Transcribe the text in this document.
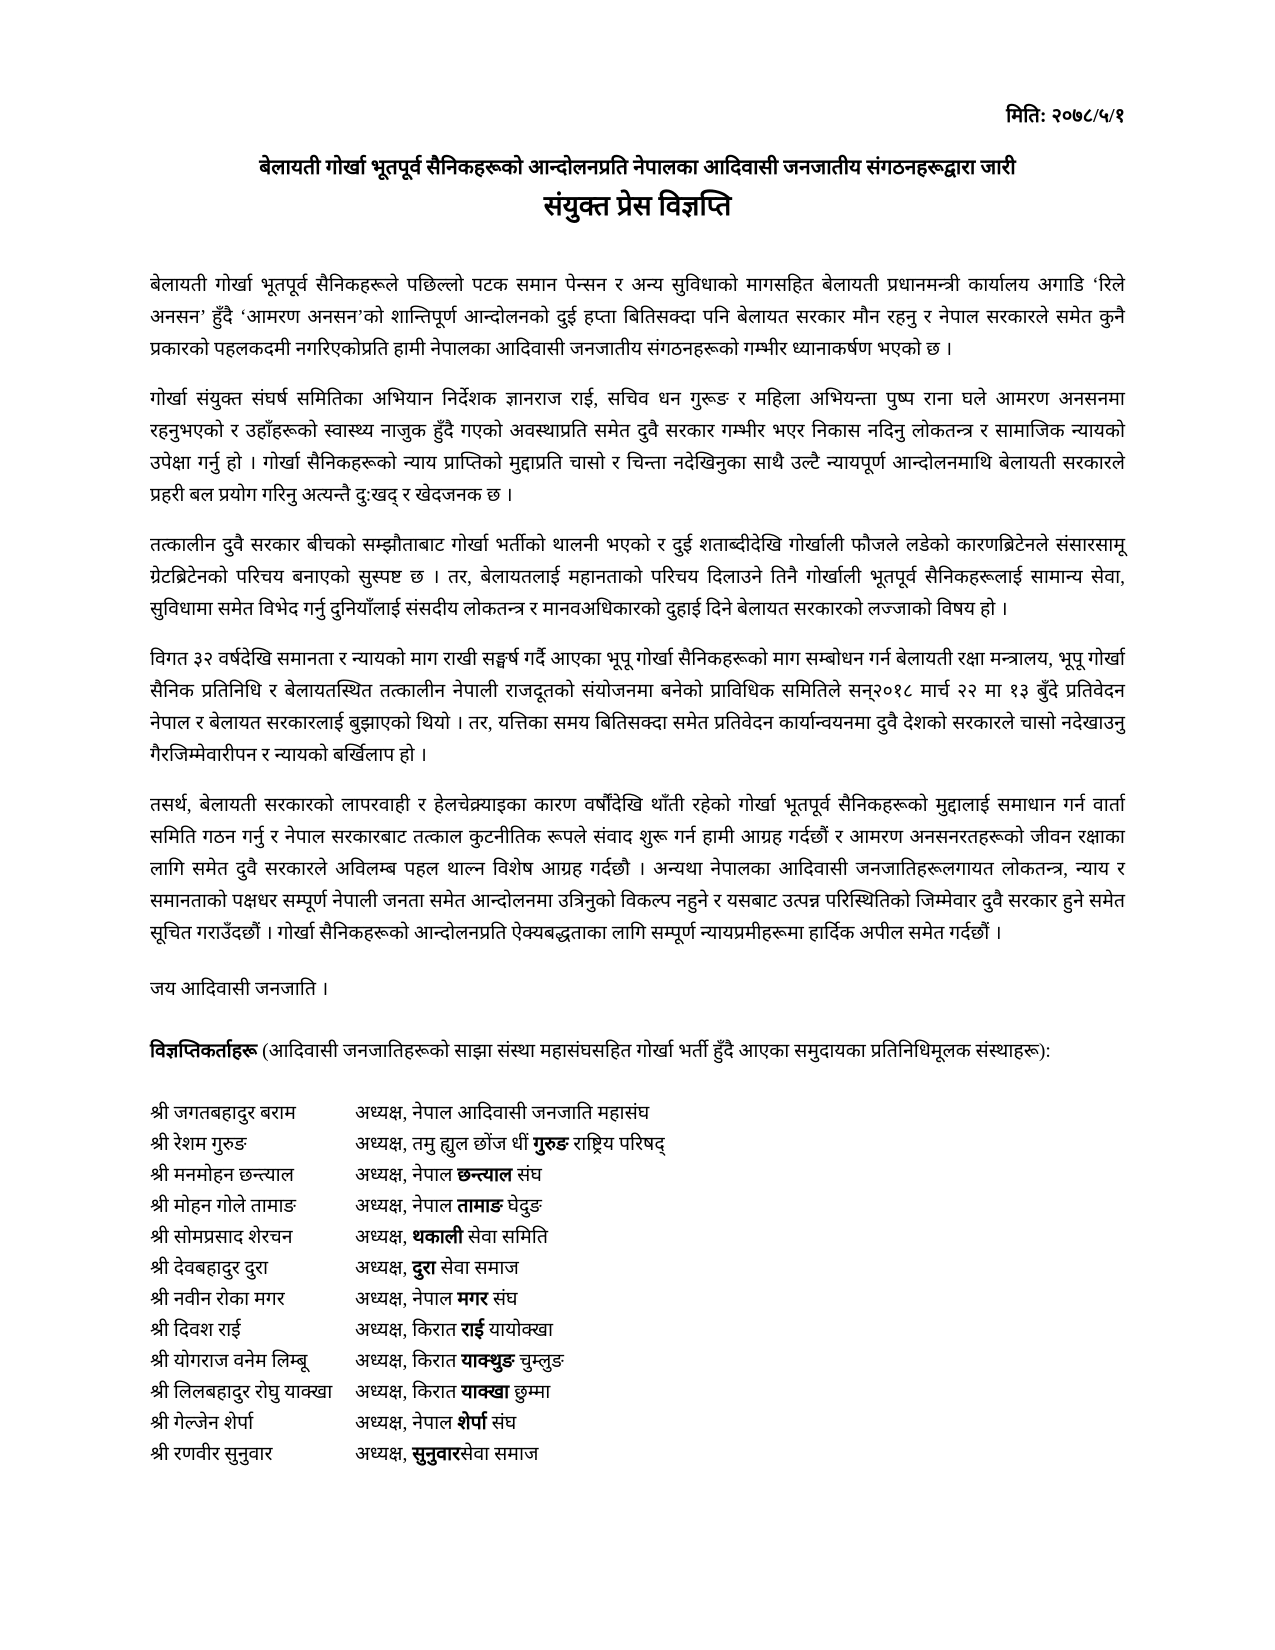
मिति: २०७८/५/१
बेलायती गोर्खा भूतपूर्व सैनिकहरूको आन्दोलनप्रति नेपालका आदिवासी जनजातीय संगठनहरूद्वारा जारी
संयुक्त प्रेस विज्ञप्ति

बेलायती गोर्खा भूतपूर्व सैनिकहरूले पछिल्लो पटक समान पेन्सन र अन्य सुविधाको मागसहित बेलायती प्रधानमन्त्री कार्यालय अगाडि ‘रिले अनसन’ हुँदै ‘आमरण अनसन’को शान्तिपूर्ण आन्दोलनको दुई हप्ता बितिसक्दा पनि बेलायत सरकार मौन रहनु र नेपाल सरकारले समेत कुनै प्रकारको पहलकदमी नगरिएकोप्रति हामी नेपालका आदिवासी जनजातीय संगठनहरूको गम्भीर ध्यानाकर्षण भएको छ ।

गोर्खा संयुक्त संघर्ष समितिका अभियान निर्देशक ज्ञानराज राई, सचिव धन गुरूङ र महिला अभियन्ता पुष्प राना घले आमरण अनसनमा रहनुभएको र उहाँहरूको स्वास्थ्य नाजुक हुँदै गएको अवस्थाप्रति समेत दुवै सरकार गम्भीर भएर निकास नदिनु लोकतन्त्र र सामाजिक न्यायको उपेक्षा गर्नु हो । गोर्खा सैनिकहरूको न्याय प्राप्तिको मुद्दाप्रति चासो र चिन्ता नदेखिनुका साथै उल्टै न्यायपूर्ण आन्दोलनमाथि बेलायती सरकारले प्रहरी बल प्रयोग गरिनु अत्यन्तै दु:खद् र खेदजनक छ ।

तत्कालीन दुवै सरकार बीचको सम्झौताबाट गोर्खा भर्तीको थालनी भएको र दुई शताब्दीदेखि गोर्खाली फौजले लडेको कारणब्रिटेनले संसारसामू ग्रेटब्रिटेनको परिचय बनाएको सुस्पष्ट छ । तर, बेलायतलाई महानताको परिचय दिलाउने तिनै गोर्खाली भूतपूर्व सैनिकहरूलाई सामान्य सेवा, सुविधामा समेत विभेद गर्नु दुनियाँलाई संसदीय लोकतन्त्र र मानवअधिकारको दुहाई दिने बेलायत सरकारको लज्जाको विषय हो ।

विगत ३२ वर्षदेखि समानता र न्यायको माग राखी सङ्घर्ष गर्दै आएका भूपू गोर्खा सैनिकहरूको माग सम्बोधन गर्न बेलायती रक्षा मन्त्रालय, भूपू गोर्खा सैनिक प्रतिनिधि र बेलायतस्थित तत्कालीन नेपाली राजदूतको संयोजनमा बनेको प्राविधिक समितिले सन्२०१८ मार्च २२ मा १३ बुँदे प्रतिवेदन नेपाल र बेलायत सरकारलाई बुझाएको थियो । तर, यत्तिका समय बितिसक्दा समेत प्रतिवेदन कार्यान्वयनमा दुवै देशको सरकारले चासो नदेखाउनु गैरजिम्मेवारीपन र न्यायको बर्खिलाप हो ।

तसर्थ, बेलायती सरकारको लापरवाही र हेलचेक्र्याइका कारण वर्षौंदेखि थाँती रहेको गोर्खा भूतपूर्व सैनिकहरूको मुद्दालाई समाधान गर्न वार्ता समिति गठन गर्नु र नेपाल सरकारबाट तत्काल कुटनीतिक रूपले संवाद शुरू गर्न हामी आग्रह गर्दछौं र आमरण अनसनरतहरूको जीवन रक्षाका लागि समेत दुवै सरकारले अविलम्ब पहल थाल्न विशेष आग्रह गर्दछौ । अन्यथा नेपालका आदिवासी जनजातिहरूलगायत लोकतन्त्र, न्याय र समानताको पक्षधर सम्पूर्ण नेपाली जनता समेत आन्दोलनमा उत्रिनुको विकल्प नहुने र यसबाट उत्पन्न परिस्थितिको जिम्मेवार दुवै सरकार हुने समेत सूचित गराउँदछौं । गोर्खा सैनिकहरूको आन्दोलनप्रति ऐक्यबद्धताका लागि सम्पूर्ण न्यायप्रमीहरूमा हार्दिक अपील समेत गर्दछौं ।

जय आदिवासी जनजाति ।

विज्ञप्तिकर्ताहरू (आदिवासी जनजातिहरूको साझा संस्था महासंघसहित गोर्खा भर्ती हुँदै आएका समुदायका प्रतिनिधिमूलक संस्थाहरू):

श्री जगतबहादुर बराम	अध्यक्ष, नेपाल आदिवासी जनजाति महासंघ
श्री रेशम गुरुङ	अध्यक्ष, तमु ह्युल छोंज धीं गुरुङ राष्ट्रिय परिषद्
श्री मनमोहन छन्त्याल	अध्यक्ष, नेपाल छन्त्याल संघ
श्री मोहन गोले तामाङ	अध्यक्ष, नेपाल तामाङ घेदुङ
श्री सोमप्रसाद शेरचन	अध्यक्ष, थकाली सेवा समिति
श्री देवबहादुर दुरा	अध्यक्ष, दुरा सेवा समाज
श्री नवीन रोका मगर	अध्यक्ष, नेपाल मगर संघ
श्री दिवश राई	अध्यक्ष, किरात राई यायोक्खा
श्री योगराज वनेम लिम्बू	अध्यक्ष, किरात याक्थुङ चुम्लुङ
श्री लिलबहादुर रोघु याक्खा	अध्यक्ष, किरात याक्खा छुम्मा
श्री गेल्जेन शेर्पा	अध्यक्ष, नेपाल शेर्पा संघ
श्री रणवीर सुनुवार	अध्यक्ष, सुनुवारसेवा समाज
